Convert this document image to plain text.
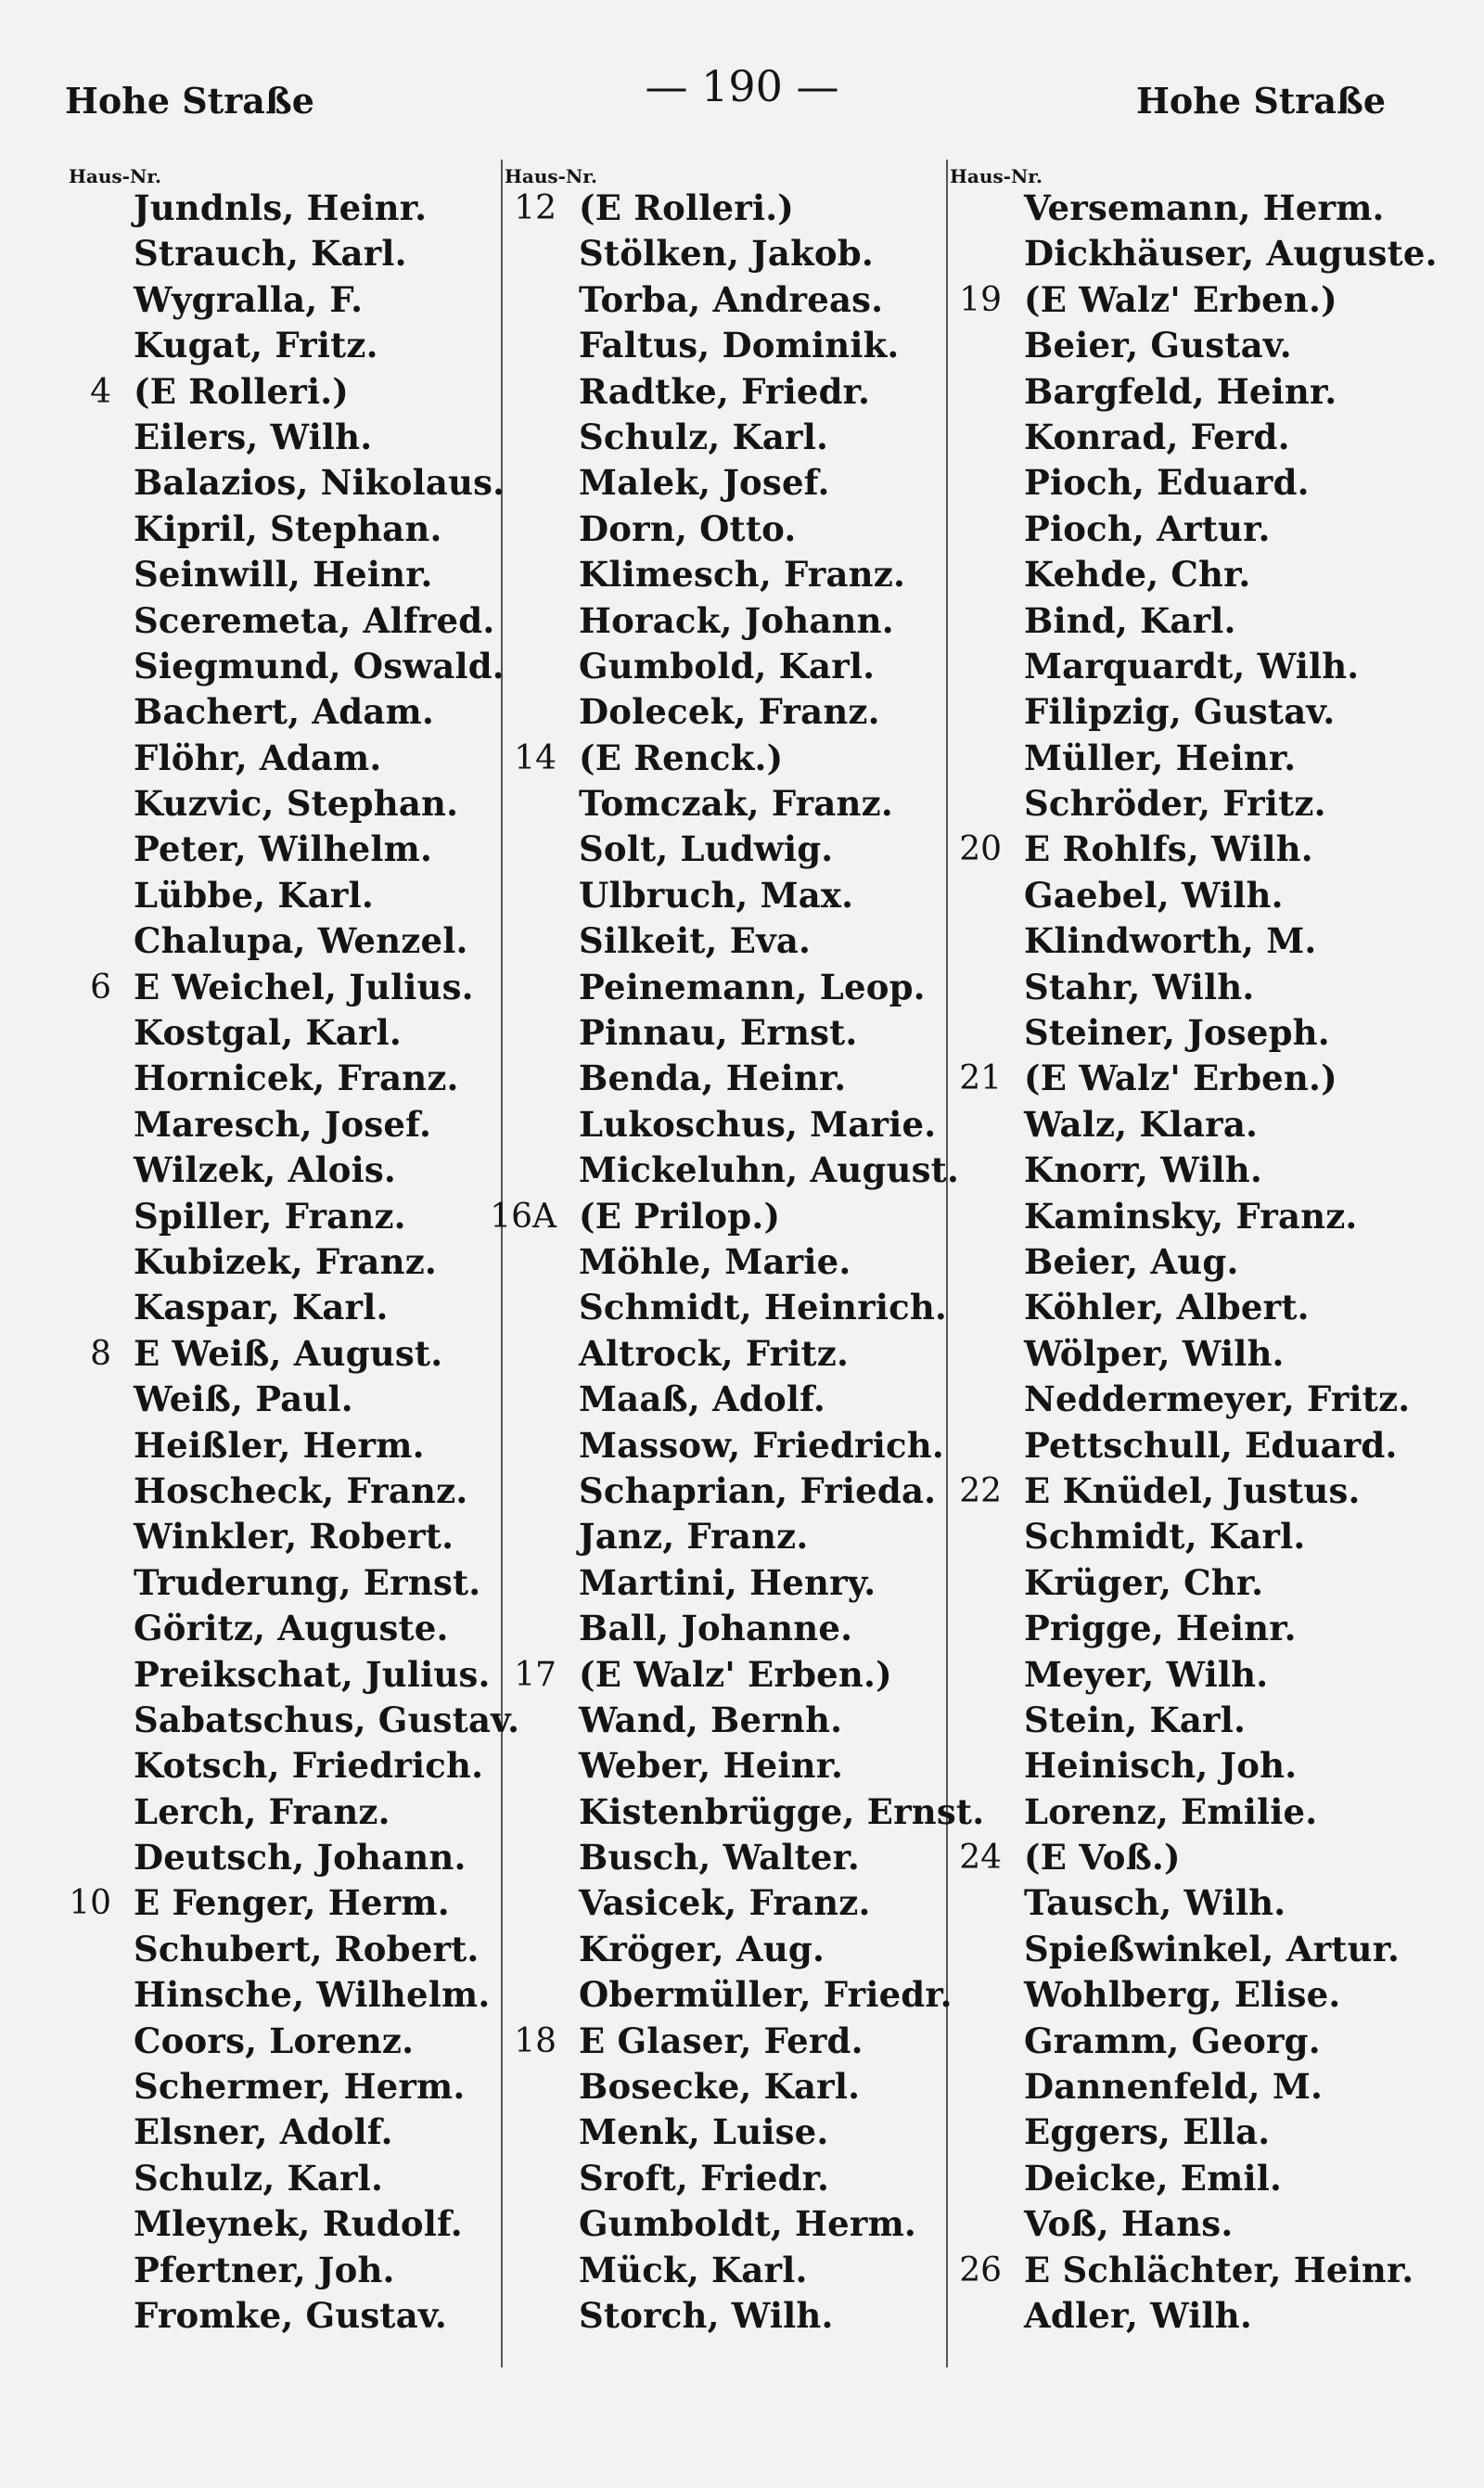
Hohe Straße	— 190 —	Hohe Straße
Haus-Nr.	Haus-Nr.	Haus-Nr.
Jundnls, Heinr.
Strauch, Karl.
Wygralla, F.
Kugat, Fritz.
4 (E Rolleri.)
Eilers, Wilh.
Balazios, Nikolaus.
Kipril, Stephan.
Seinwill, Heinr.
Sceremeta, Alfred.
Siegmund, Oswald.
Bachert, Adam.
Flöhr, Adam.
Kuzvic, Stephan.
Peter, Wilhelm.
Lübbe, Karl.
Chalupa, Wenzel.
6 E Weichel, Julius.
Kostgal, Karl.
Hornicek, Franz.
Maresch, Josef.
Wilzek, Alois.
Spiller, Franz.
Kubizek, Franz.
Kaspar, Karl.
8 E Weiß, August.
Weiß, Paul.
Heißler, Herm.
Hoscheck, Franz.
Winkler, Robert.
Truderung, Ernst.
Göritz, Auguste.
Preikschat, Julius.
Sabatschus, Gustav.
Kotsch, Friedrich.
Lerch, Franz.
Deutsch, Johann.
10 E Fenger, Herm.
Schubert, Robert.
Hinsche, Wilhelm.
Coors, Lorenz.
Schermer, Herm.
Elsner, Adolf.
Schulz, Karl.
Mleynek, Rudolf.
Pfertner, Joh.
Fromke, Gustav.
12 (E Rolleri.)
Stölken, Jakob.
Torba, Andreas.
Faltus, Dominik.
Radtke, Friedr.
Schulz, Karl.
Malek, Josef.
Dorn, Otto.
Klimesch, Franz.
Horack, Johann.
Gumbold, Karl.
Dolecek, Franz.
14 (E Renck.)
Tomczak, Franz.
Solt, Ludwig.
Ulbruch, Max.
Silkeit, Eva.
Peinemann, Leop.
Pinnau, Ernst.
Benda, Heinr.
Lukoschus, Marie.
Mickeluhn, August.
16A (E Prilop.)
Möhle, Marie.
Schmidt, Heinrich.
Altrock, Fritz.
Maaß, Adolf.
Massow, Friedrich.
Schaprian, Frieda.
Janz, Franz.
Martini, Henry.
Ball, Johanne.
17 (E Walz' Erben.)
Wand, Bernh.
Weber, Heinr.
Kistenbrügge, Ernst.
Busch, Walter.
Vasicek, Franz.
Kröger, Aug.
Obermüller, Friedr.
18 E Glaser, Ferd.
Bosecke, Karl.
Menk, Luise.
Sroft, Friedr.
Gumboldt, Herm.
Mück, Karl.
Storch, Wilh.
Versemann, Herm.
Dickhäuser, Auguste.
19 (E Walz' Erben.)
Beier, Gustav.
Bargfeld, Heinr.
Konrad, Ferd.
Pioch, Eduard.
Pioch, Artur.
Kehde, Chr.
Bind, Karl.
Marquardt, Wilh.
Filipzig, Gustav.
Müller, Heinr.
Schröder, Fritz.
20 E Rohlfs, Wilh.
Gaebel, Wilh.
Klindworth, M.
Stahr, Wilh.
Steiner, Joseph.
21 (E Walz' Erben.)
Walz, Klara.
Knorr, Wilh.
Kaminsky, Franz.
Beier, Aug.
Köhler, Albert.
Wölper, Wilh.
Neddermeyer, Fritz.
Pettschull, Eduard.
22 E Knüdel, Justus.
Schmidt, Karl.
Krüger, Chr.
Prigge, Heinr.
Meyer, Wilh.
Stein, Karl.
Heinisch, Joh.
Lorenz, Emilie.
24 (E Voß.)
Tausch, Wilh.
Spießwinkel, Artur.
Wohlberg, Elise.
Gramm, Georg.
Dannenfeld, M.
Eggers, Ella.
Deicke, Emil.
Voß, Hans.
26 E Schlächter, Heinr.
Adler, Wilh.
